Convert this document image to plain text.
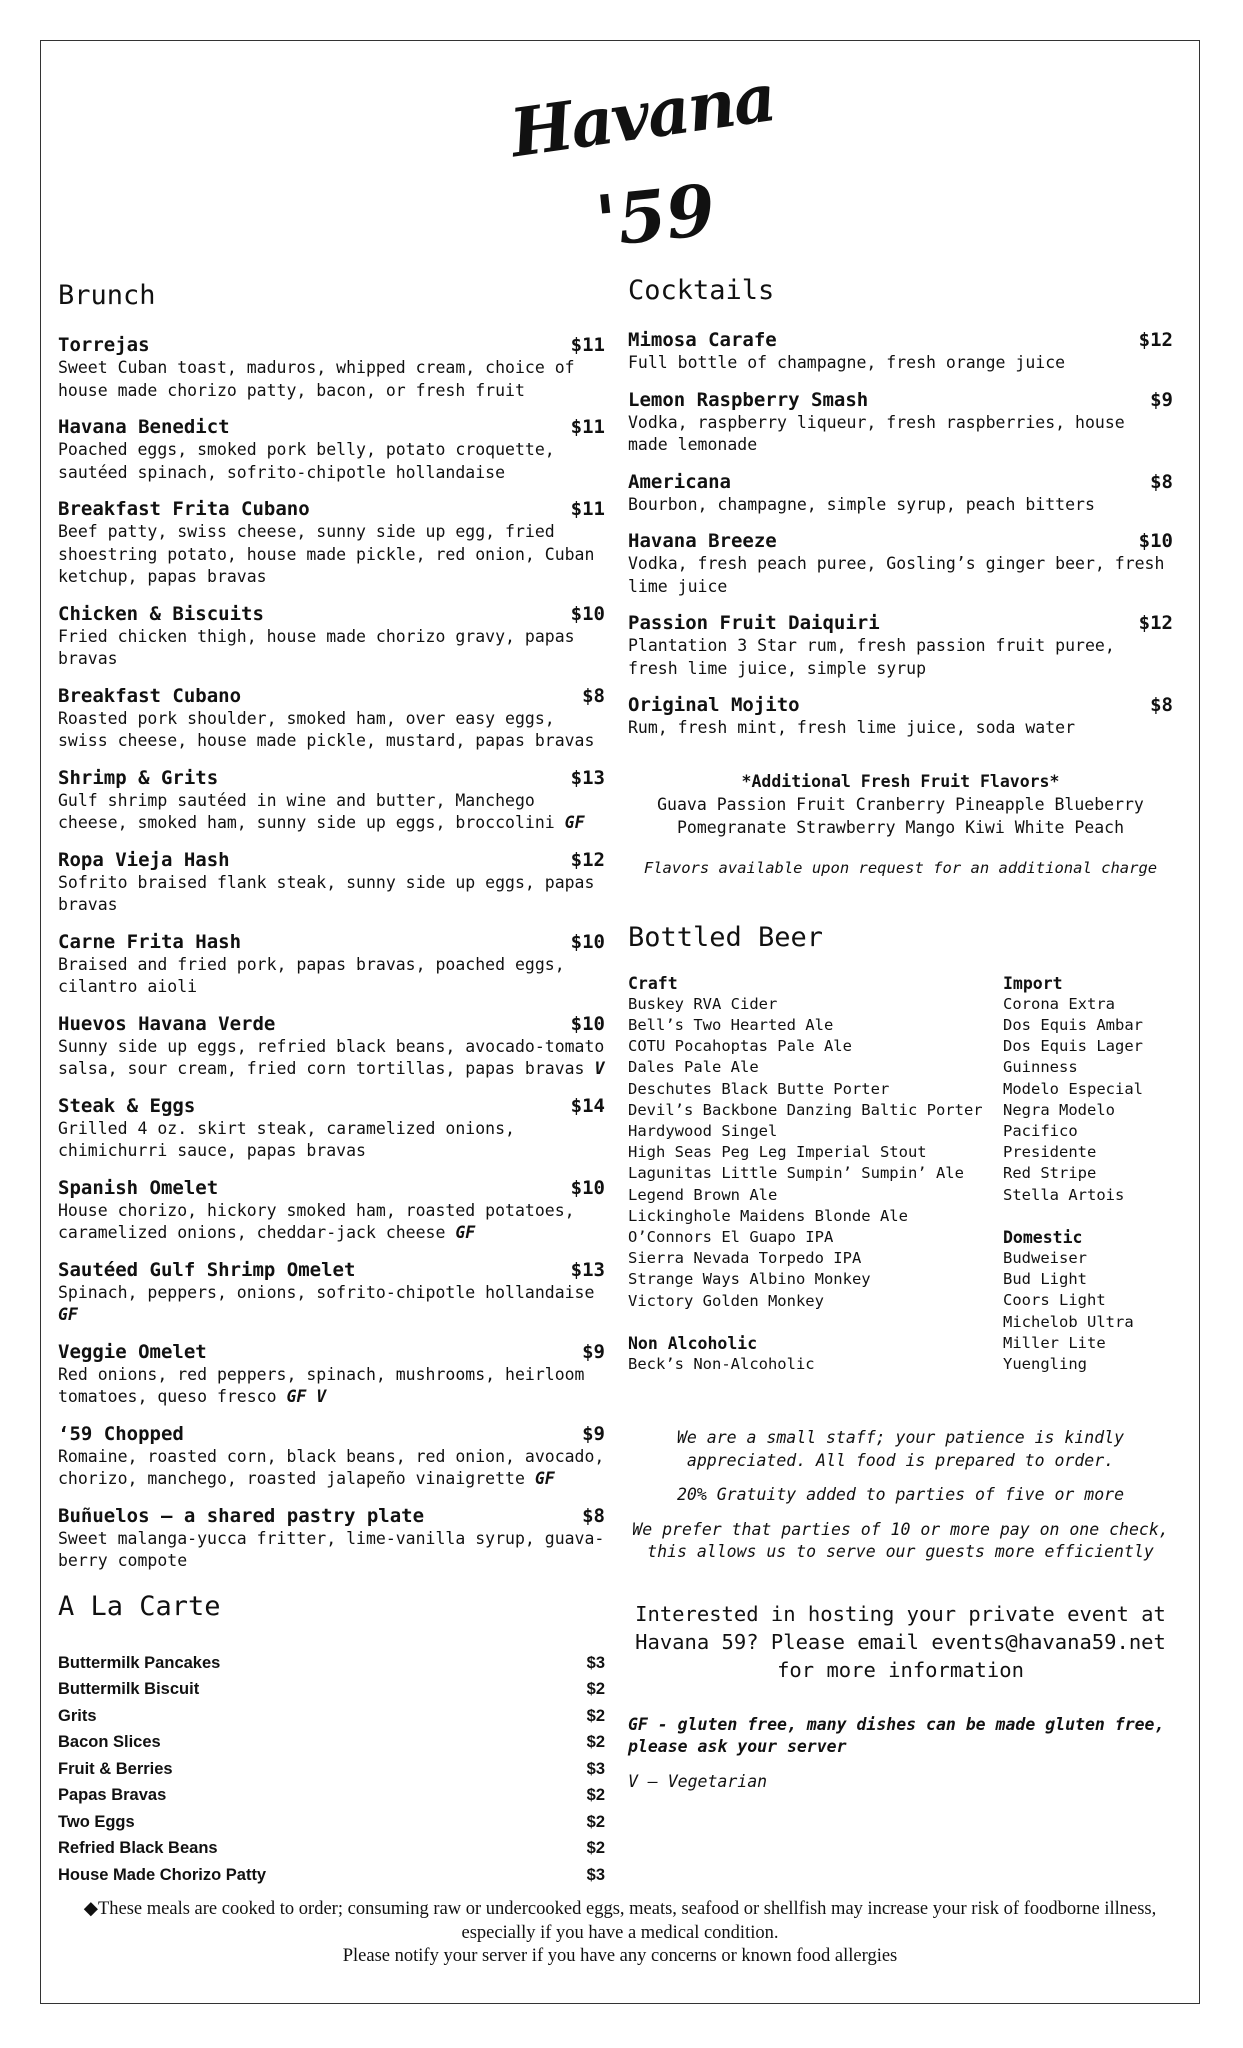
Havana
'59
Brunch
Torrejas	$11
Sweet Cuban toast, maduros, whipped cream, choice of house made chorizo patty, bacon, or fresh fruit
Havana Benedict	$11
Poached eggs, smoked pork belly, potato croquette, sautéed spinach, sofrito-chipotle hollandaise
Breakfast Frita Cubano	$11
Beef patty, swiss cheese, sunny side up egg, fried shoestring potato, house made pickle, red onion, Cuban ketchup, papas bravas
Chicken & Biscuits	$10
Fried chicken thigh, house made chorizo gravy, papas bravas
Breakfast Cubano	$8
Roasted pork shoulder, smoked ham, over easy eggs, swiss cheese, house made pickle, mustard, papas bravas
Shrimp & Grits	$13
Gulf shrimp sautéed in wine and butter, Manchego cheese, smoked ham, sunny side up eggs, broccolini GF
Ropa Vieja Hash	$12
Sofrito braised flank steak, sunny side up eggs, papas bravas
Carne Frita Hash	$10
Braised and fried pork, papas bravas, poached eggs, cilantro aioli
Huevos Havana Verde	$10
Sunny side up eggs, refried black beans, avocado-tomato salsa, sour cream, fried corn tortillas, papas bravas V
Steak & Eggs	$14
Grilled 4 oz. skirt steak, caramelized onions, chimichurri sauce, papas bravas
Spanish Omelet	$10
House chorizo, hickory smoked ham, roasted potatoes, caramelized onions, cheddar-jack cheese GF
Sautéed Gulf Shrimp Omelet	$13
Spinach, peppers, onions, sofrito-chipotle hollandaise GF
Veggie Omelet	$9
Red onions, red peppers, spinach, mushrooms, heirloom tomatoes, queso fresco GF V
‘59 Chopped	$9
Romaine, roasted corn, black beans, red onion, avocado, chorizo, manchego, roasted jalapeño vinaigrette GF
Buñuelos – a shared pastry plate	$8
Sweet malanga-yucca fritter, lime-vanilla syrup, guava-berry compote
A La Carte
Buttermilk Pancakes	$3
Buttermilk Biscuit	$2
Grits	$2
Bacon Slices	$2
Fruit & Berries	$3
Papas Bravas	$2
Two Eggs	$2
Refried Black Beans	$2
House Made Chorizo Patty	$3
Cocktails
Mimosa Carafe	$12
Full bottle of champagne, fresh orange juice
Lemon Raspberry Smash	$9
Vodka, raspberry liqueur, fresh raspberries, house made lemonade
Americana	$8
Bourbon, champagne, simple syrup, peach bitters
Havana Breeze	$10
Vodka, fresh peach puree, Gosling’s ginger beer, fresh lime juice
Passion Fruit Daiquiri	$12
Plantation 3 Star rum, fresh passion fruit puree, fresh lime juice, simple syrup
Original Mojito	$8
Rum, fresh mint, fresh lime juice, soda water
*Additional Fresh Fruit Flavors*
Guava Passion Fruit Cranberry Pineapple Blueberry
Pomegranate Strawberry Mango Kiwi White Peach
Flavors available upon request for an additional charge
Bottled Beer
Craft
Buskey RVA Cider
Bell’s Two Hearted Ale
COTU Pocahoptas Pale Ale
Dales Pale Ale
Deschutes Black Butte Porter
Devil’s Backbone Danzing Baltic Porter
Hardywood Singel
High Seas Peg Leg Imperial Stout
Lagunitas Little Sumpin’ Sumpin’ Ale
Legend Brown Ale
Lickinghole Maidens Blonde Ale
O’Connors El Guapo IPA
Sierra Nevada Torpedo IPA
Strange Ways Albino Monkey
Victory Golden Monkey
Non Alcoholic
Beck’s Non-Alcoholic
Import
Corona Extra
Dos Equis Ambar
Dos Equis Lager
Guinness
Modelo Especial
Negra Modelo
Pacifico
Presidente
Red Stripe
Stella Artois
Domestic
Budweiser
Bud Light
Coors Light
Michelob Ultra
Miller Lite
Yuengling

We are a small staff; your patience is kindly appreciated. All food is prepared to order.

20% Gratuity added to parties of five or more

We prefer that parties of 10 or more pay on one check, this allows us to serve our guests more efficiently

Interested in hosting your private event at Havana 59? Please email events@havana59.net for more information
GF - gluten free, many dishes can be made gluten free, please ask your server
V – Vegetarian
◆These meals are cooked to order; consuming raw or undercooked eggs, meats, seafood or shellfish may increase your risk of foodborne illness, especially if you have a medical condition.
Please notify your server if you have any concerns or known food allergies
